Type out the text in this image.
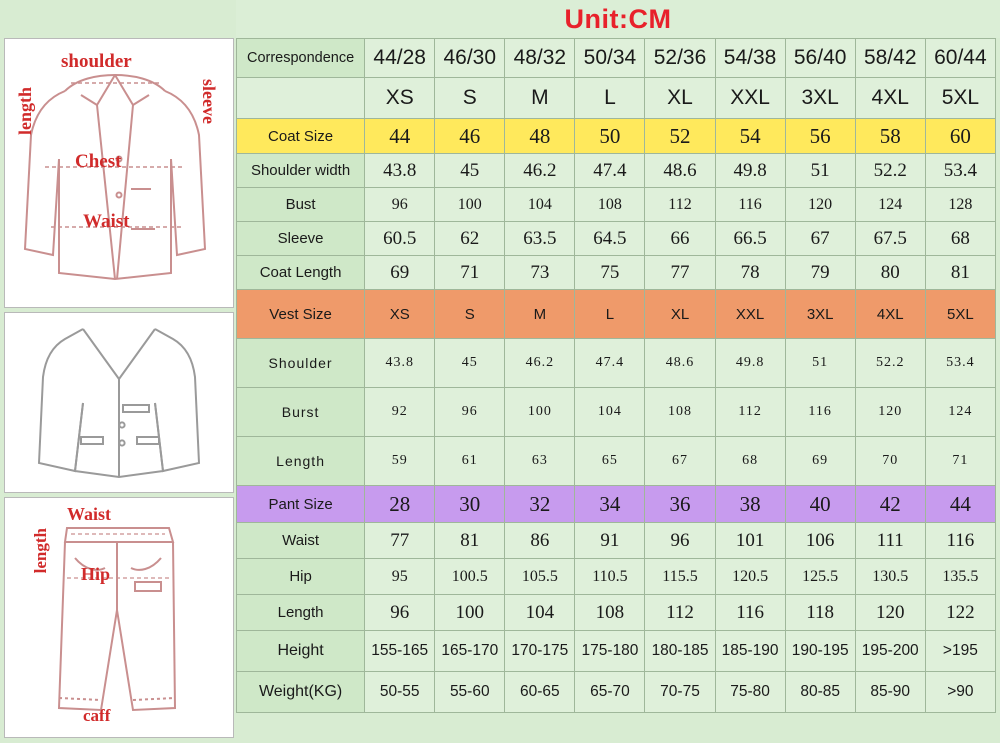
Unit:CM
shoulder
sleeve
length
Chest
Waist
Waist
length
Hip
caff
Correspondence	44/28	46/30	48/32	50/34	52/36	54/38	56/40	58/42	60/44
	XS	S	M	L	XL	XXL	3XL	4XL	5XL
Coat Size	44	46	48	50	52	54	56	58	60
Shoulder width	43.8	45	46.2	47.4	48.6	49.8	51	52.2	53.4
Bust	96	100	104	108	112	116	120	124	128
Sleeve	60.5	62	63.5	64.5	66	66.5	67	67.5	68
Coat Length	69	71	73	75	77	78	79	80	81
Vest Size	XS	S	M	L	XL	XXL	3XL	4XL	5XL
Shoulder	43.8	45	46.2	47.4	48.6	49.8	51	52.2	53.4
Burst	92	96	100	104	108	112	116	120	124
Length	59	61	63	65	67	68	69	70	71
Pant Size	28	30	32	34	36	38	40	42	44
Waist	77	81	86	91	96	101	106	111	116
Hip	95	100.5	105.5	110.5	115.5	120.5	125.5	130.5	135.5
Length	96	100	104	108	112	116	118	120	122
Height	155-165	165-170	170-175	175-180	180-185	185-190	190-195	195-200	>195
Weight(KG)	50-55	55-60	60-65	65-70	70-75	75-80	80-85	85-90	>90
